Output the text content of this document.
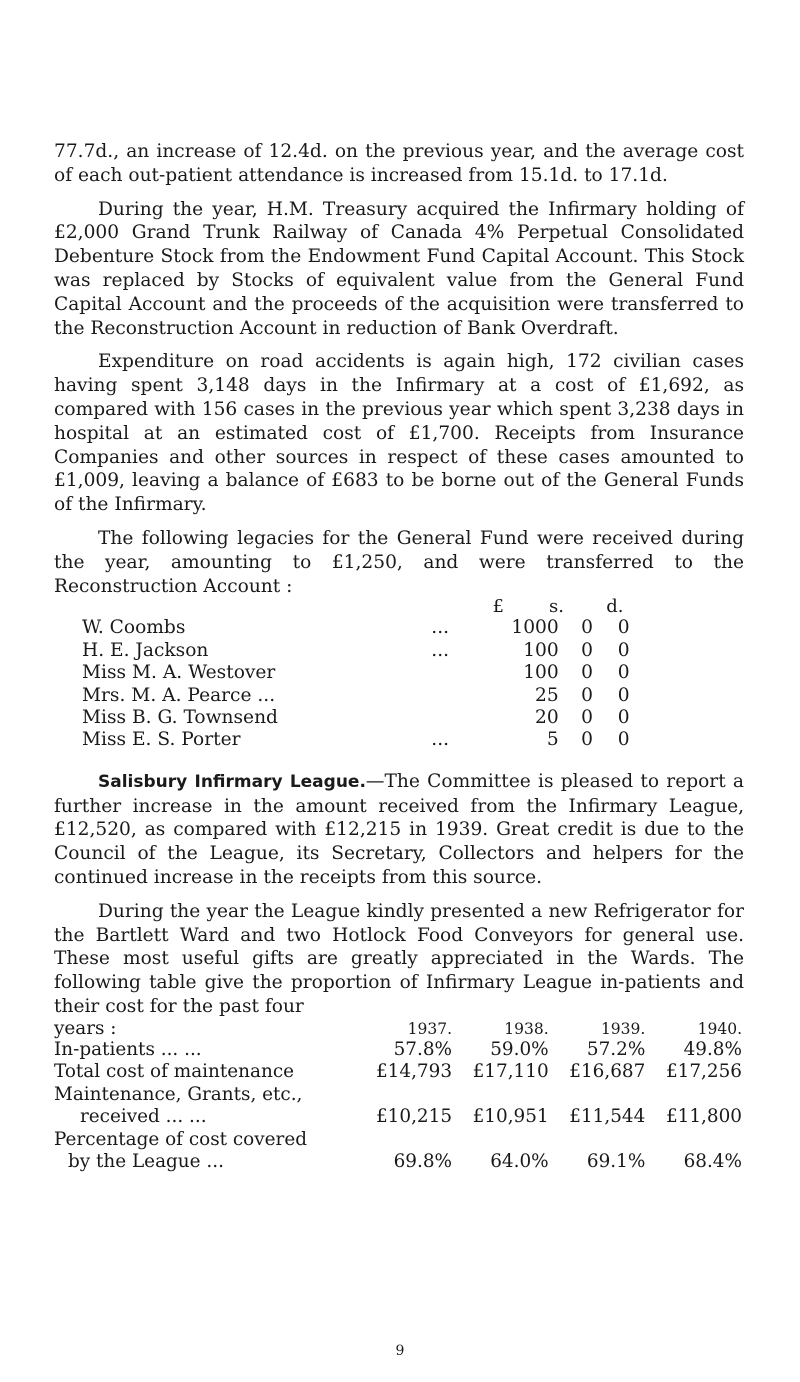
77.7d., an increase of 12.4d. on the previous year, and the average cost of each out-patient attendance is increased from 15.1d. to 17.1d.

During the year, H.M. Treasury acquired the Infirmary holding of £2,000 Grand Trunk Railway of Canada 4% Perpetual Consolidated Debenture Stock from the Endowment Fund Capital Account. This Stock was replaced by Stocks of equivalent value from the General Fund Capital Account and the proceeds of the acquisition were transferred to the Reconstruction Account in reduction of Bank Overdraft.

Expenditure on road accidents is again high, 172 civilian cases having spent 3,148 days in the Infirmary at a cost of £1,692, as compared with 156 cases in the previous year which spent 3,238 days in hospital at an estimated cost of £1,700. Receipts from Insurance Companies and other sources in respect of these cases amounted to £1,009, leaving a balance of £683 to be borne out of the General Funds of the Infirmary.

The following legacies for the General Fund were received during the year, amounting to £1,250, and were transferred to the Reconstruction Account :

£	s.	d.
W. Coombs	...	1000	0	0
H. E. Jackson	...	100	0	0
Miss M. A. Westover		100	0	0
Mrs. M. A. Pearce ...		25	0	0
Miss B. G. Townsend		20	0	0
Miss E. S. Porter	...	5	0	0

Salisbury Infirmary League.—The Committee is pleased to report a further increase in the amount received from the Infirmary League, £12,520, as compared with £12,215 in 1939. Great credit is due to the Council of the League, its Secretary, Collectors and helpers for the continued increase in the receipts from this source.

During the year the League kindly presented a new Refrigerator for the Bartlett Ward and two Hotlock Food Conveyors for general use. These most useful gifts are greatly appreciated in the Wards. The following table give the proportion of Infirmary League in-patients and their cost for the past four

years :	1937.	1938.	1939.	1940.
In-patients ... ...	57.8%	59.0%	57.2%	49.8%
Total cost of maintenance	£14,793	£17,110	£16,687	£17,256
Maintenance, Grants, etc.,				
received ... ...	£10,215	£10,951	£11,544	£11,800
Percentage of cost covered				
by the League ...	69.8%	64.0%	69.1%	68.4%
9
